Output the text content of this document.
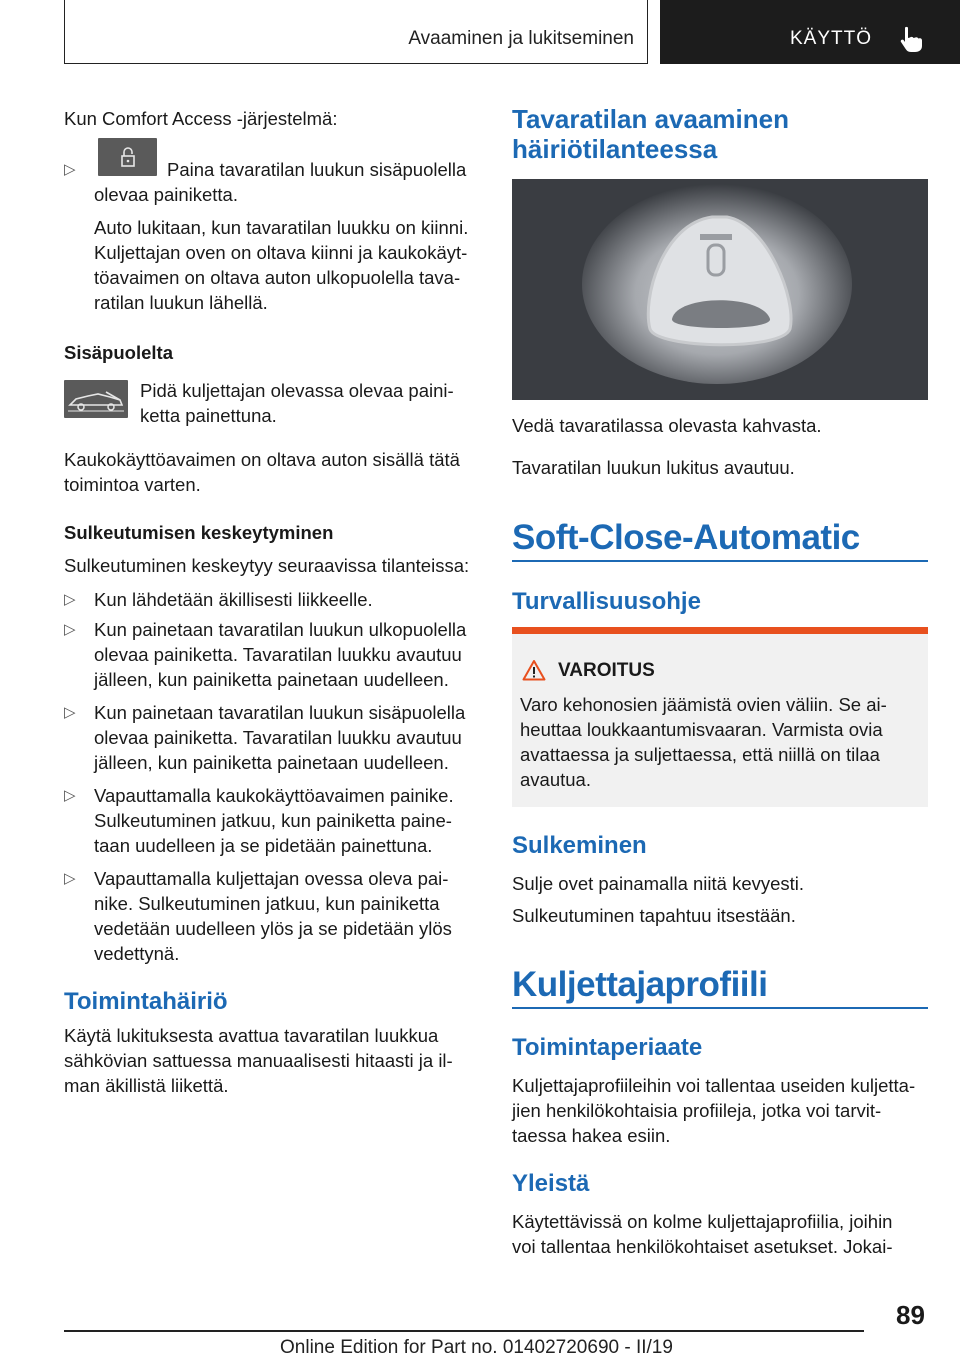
Avaaminen ja lukitseminen	KÄYTTÖ

Kun Comfort Access -järjestelmä:

▷	Paina tavaratilan luukun sisäpuolella

olevaa painiketta.

Auto lukitaan, kun tavaratilan luukku on kiinni.

Kuljettajan oven on oltava kiinni ja kaukokäyt-

töavaimen on oltava auton ulkopuolella tava-

ratilan luukun lähellä.

Sisäpuolelta

Pidä kuljettajan olevassa olevaa paini-

ketta painettuna.

Kaukokäyttöavaimen on oltava auton sisällä tätä

toimintoa varten.

Sulkeutumisen keskeytyminen

Sulkeutuminen keskeytyy seuraavissa tilanteissa:

▷ Kun lähdetään äkillisesti liikkeelle.

▷ Kun painetaan tavaratilan luukun ulkopuolella

olevaa painiketta. Tavaratilan luukku avautuu

jälleen, kun painiketta painetaan uudelleen.

▷ Kun painetaan tavaratilan luukun sisäpuolella

olevaa painiketta. Tavaratilan luukku avautuu

jälleen, kun painiketta painetaan uudelleen.

▷ Vapauttamalla kaukokäyttöavaimen painike.

Sulkeutuminen jatkuu, kun painiketta paine-

taan uudelleen ja se pidetään painettuna.

▷ Vapauttamalla kuljettajan ovessa oleva pai-

nike. Sulkeutuminen jatkuu, kun painiketta

vedetään uudelleen ylös ja se pidetään ylös

vedettynä.

Toimintahäiriö

Käytä lukituksesta avattua tavaratilan luukkua

sähkövian sattuessa manuaalisesti hitaasti ja il-

man äkillistä liikettä.

Tavaratilan avaaminen
häiriötilanteessa

Vedä tavaratilassa olevasta kahvasta.

Tavaratilan luukun lukitus avautuu.

Soft-Close-Automatic
Turvallisuusohje
VAROITUS
Varo kehonosien jäämistä ovien väliin. Se ai-
heuttaa loukkaantumisvaaran. Varmista ovia
avattaessa ja suljettaessa, että niillä on tilaa
avautua.
Sulkeminen

Sulje ovet painamalla niitä kevyesti.

Sulkeutuminen tapahtuu itsestään.

Kuljettajaprofiili
Toimintaperiaate

Kuljettajaprofiileihin voi tallentaa useiden kuljetta-

jien henkilökohtaisia profiileja, jotka voi tarvit-

taessa hakea esiin.

Yleistä

Käytettävissä on kolme kuljettajaprofiilia, joihin

voi tallentaa henkilökohtaiset asetukset. Jokai-

89
Online Edition for Part no. 01402720690 - II/19
